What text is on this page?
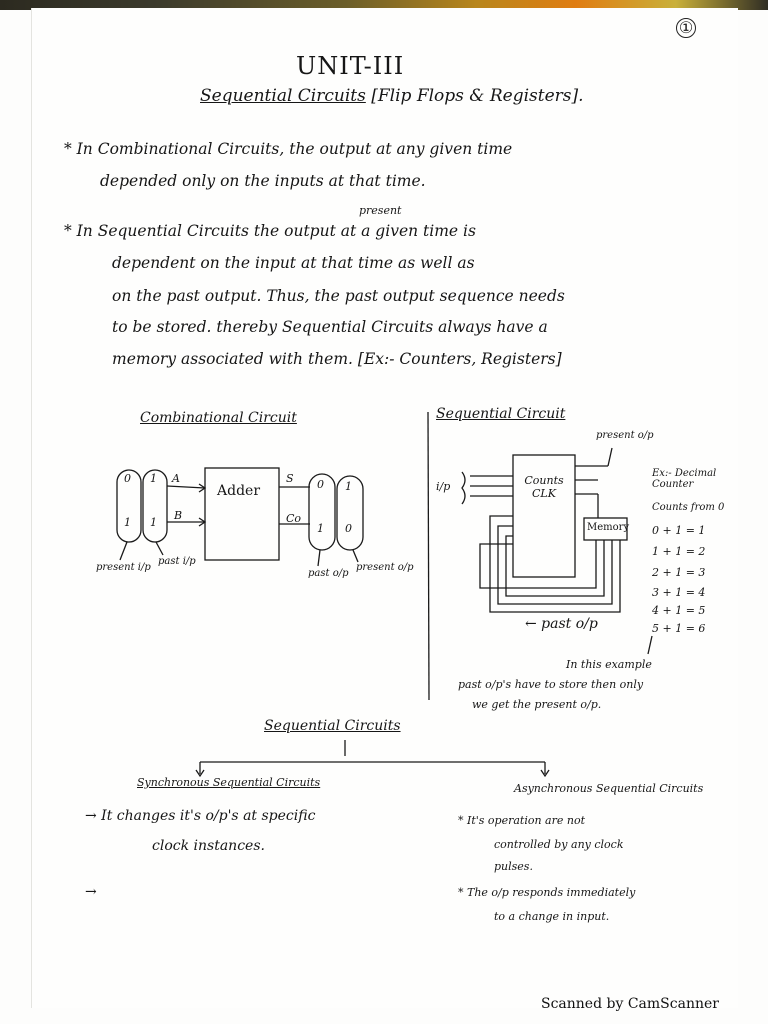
①
UNIT-III
Sequential Circuits [Flip Flops & Registers].
* In Combinational Circuits, the output at any given time
depended only on the inputs at that time.
present
* In Sequential Circuits the output at a given time is
dependent on the input at that time as well as
on the past output. Thus, the past output sequence needs
to be stored. thereby Sequential Circuits always have a
memory associated with them. [Ex:- Counters, Registers]
Combinational Circuit	Sequential Circuit
Adder
A
B
S
Co
0
1
1
1
0
1
1
0
present i/p
past i/p
past o/p
present o/p
present o/p
i/p	Counts CLK
Memory
← past o/p
Ex:- Decimal Counter
Counts from 0
0 + 1 = 1
1 + 1 = 2
2 + 1 = 3
3 + 1 = 4
4 + 1 = 5
5 + 1 = 6
In this example
past o/p's have to store then only
we get the present o/p.
Sequential Circuits
Synchronous Sequential Circuits	Asynchronous Sequential Circuits
→ It changes it's o/p's at specific
clock instances.
→
* It's operation are not
controlled by any clock
pulses.
* The o/p responds immediately
to a change in input.
Scanned by CamScanner
